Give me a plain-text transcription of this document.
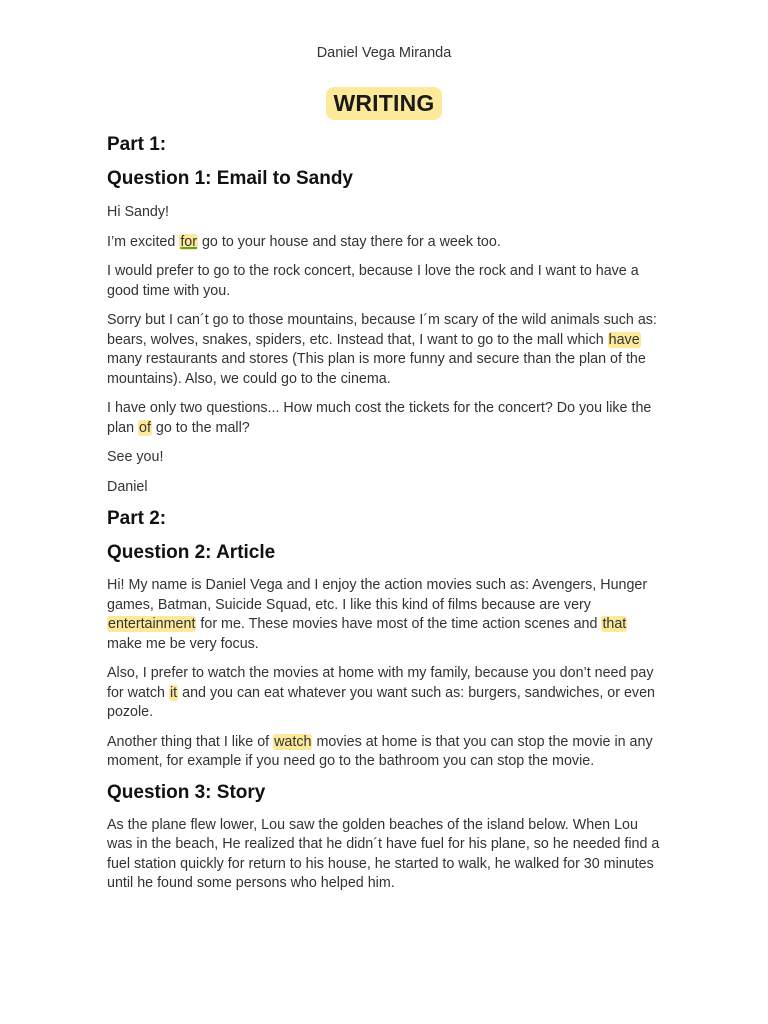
Daniel Vega Miranda
WRITING
Part 1:
Question 1: Email to Sandy

Hi Sandy!

I’m excited for go to your house and stay there for a week too.

I would prefer to go to the rock concert, because I love the rock and I want to have a good time with you.

Sorry but I can´t go to those mountains, because I´m scary of the wild animals such as: bears, wolves, snakes, spiders, etc. Instead that, I want to go to the mall which have many restaurants and stores (This plan is more funny and secure than the plan of the mountains). Also, we could go to the cinema.

I have only two questions... How much cost the tickets for the concert? Do you like the plan of go to the mall?

See you!

Daniel

Part 2:
Question 2: Article

Hi! My name is Daniel Vega and I enjoy the action movies such as: Avengers, Hunger games, Batman, Suicide Squad, etc. I like this kind of films because are very entertainment for me. These movies have most of the time action scenes and that make me be very focus.

Also, I prefer to watch the movies at home with my family, because you don’t need pay for watch it and you can eat whatever you want such as: burgers, sandwiches, or even pozole.

Another thing that I like of watch movies at home is that you can stop the movie in any moment, for example if you need go to the bathroom you can stop the movie.

Question 3: Story

As the plane flew lower, Lou saw the golden beaches of the island below. When Lou was in the beach, He realized that he didn´t have fuel for his plane, so he needed find a fuel station quickly for return to his house, he started to walk, he walked for 30 minutes until he found some persons who helped him.
